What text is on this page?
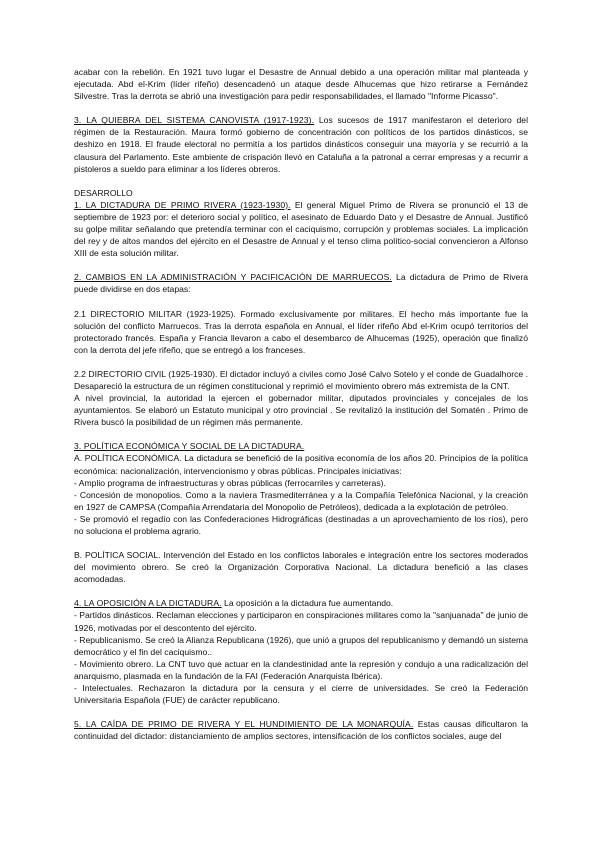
acabar con la rebelión. En 1921 tuvo lugar el Desastre de Annual debido a una operación militar mal planteada y ejecutada. Abd el-Krim (líder rifeño) desencadenó un ataque desde Alhucemas que hizo retirarse a Fernández Silvestre. Tras la derrota se abrió una investigación para pedir responsabilidades, el llamado "Informe Picasso".

3. LA QUIEBRA DEL SISTEMA CANOVISTA (1917-1923). Los sucesos de 1917 manifestaron el deterioro del régimen de la Restauración. Maura formó gobierno de concentración con políticos de los partidos dinásticos, se deshizo en 1918. El fraude electoral no permitía a los partidos dinásticos conseguir una mayoría y se recurrió a la clausura del Parlamento. Este ambiente de crispación llevó en Cataluña a la patronal a cerrar empresas y a recurrir a pistoleros a sueldo para eliminar a los líderes obreros.

DESARROLLO

1. LA DICTADURA DE PRIMO RIVERA (1923-1930). El general Miguel Primo de Rivera se pronunció el 13 de septiembre de 1923 por: el deterioro social y político, el asesinato de Eduardo Dato y el Desastre de Annual. Justificó su golpe militar señalando que pretendía terminar con el caciquismo, corrupción y problemas sociales. La implicación del rey y de altos mandos del ejército en el Desastre de Annual y el tenso clima político-social convencieron a Alfonso XIII de esta solución militar.

2. CAMBIOS EN LA ADMINISTRACIÓN Y PACIFICACIÓN DE MARRUECOS. La dictadura de Primo de Rivera puede dividirse en dos etapas:

2.1 DIRECTORIO MILITAR (1923-1925). Formado exclusivamente por militares. El hecho más importante fue la solución del conflicto Marruecos. Tras la derrota española en Annual, el líder rifeño Abd el-Krim ocupó territorios del protectorado francés. España y Francia llevaron a cabo el desembarco de Alhucemas (1925), operación que finalizó con la derrota del jefe rifeño, que se entregó a los franceses.

2.2 DIRECTORIO CIVIL (1925-1930). El dictador incluyó a civiles como José Calvo Sotelo y el conde de Guadalhorce . Desapareció la estructura de un régimen constitucional y reprimió el movimiento obrero más extremista de la CNT.

A nivel provincial, la autoridad la ejercen el gobernador militar, diputados provinciales y concejales de los ayuntamientos. Se elaboró un Estatuto municipal y otro provincial . Se revitalizó la institución del Somatén . Primo de Rivera buscó la posibilidad de un régimen más permanente.

3. POLÍTICA ECONÓMICA Y SOCIAL DE LA DICTADURA.

A. POLÍTICA ECONÓMICA. La dictadura se benefició de la positiva economía de los años 20. Principios de la política económica: nacionalización, intervencionismo y obras públicas. Principales iniciativas:

- Amplio programa de infraestructuras y obras públicas (ferrocarriles y carreteras).

- Concesión de monopolios. Como a la naviera Trasmediterránea y a la Compañía Telefónica Nacional, y la creación en 1927 de CAMPSA (Compañía Arrendataria del Monopolio de Petróleos), dedicada a la explotación de petróleo.

- Se promovió el regadío con las Confederaciones Hidrográficas (destinadas a un aprovechamiento de los ríos), pero no soluciona el problema agrario.

B. POLÍTICA SOCIAL. Intervención del Estado en los conflictos laborales e integración entre los sectores moderados del movimiento obrero. Se creó la Organización Corporativa Nacional. La dictadura benefició a las clases acomodadas.

4. LA OPOSICIÓN A LA DICTADURA. La oposición a la dictadura fue aumentando.

- Partidos dinásticos. Reclaman elecciones y participaron en conspiraciones militares como la "sanjuanada" de junio de 1926, motivadas por el descontento del ejército.

- Republicanismo. Se creó la Alianza Republicana (1926), que unió a grupos del republicanismo y demandó un sistema democrático y el fin del caciquismo..

- Movimiento obrero. La CNT tuvo que actuar en la clandestinidad ante la represión y condujo a una radicalización del anarquismo, plasmada en la fundación de la FAI (Federación Anarquista Ibérica).

- Intelectuales. Rechazaron la dictadura por la censura y el cierre de universidades. Se creó la Federación Universitaria Española (FUE) de carácter republicano.

5. LA CAÍDA DE PRIMO DE RIVERA Y EL HUNDIMIENTO DE LA MONARQUÍA. Estas causas dificultaron la continuidad del dictador: distanciamiento de amplios sectores, intensificación de los conflictos sociales, auge del
